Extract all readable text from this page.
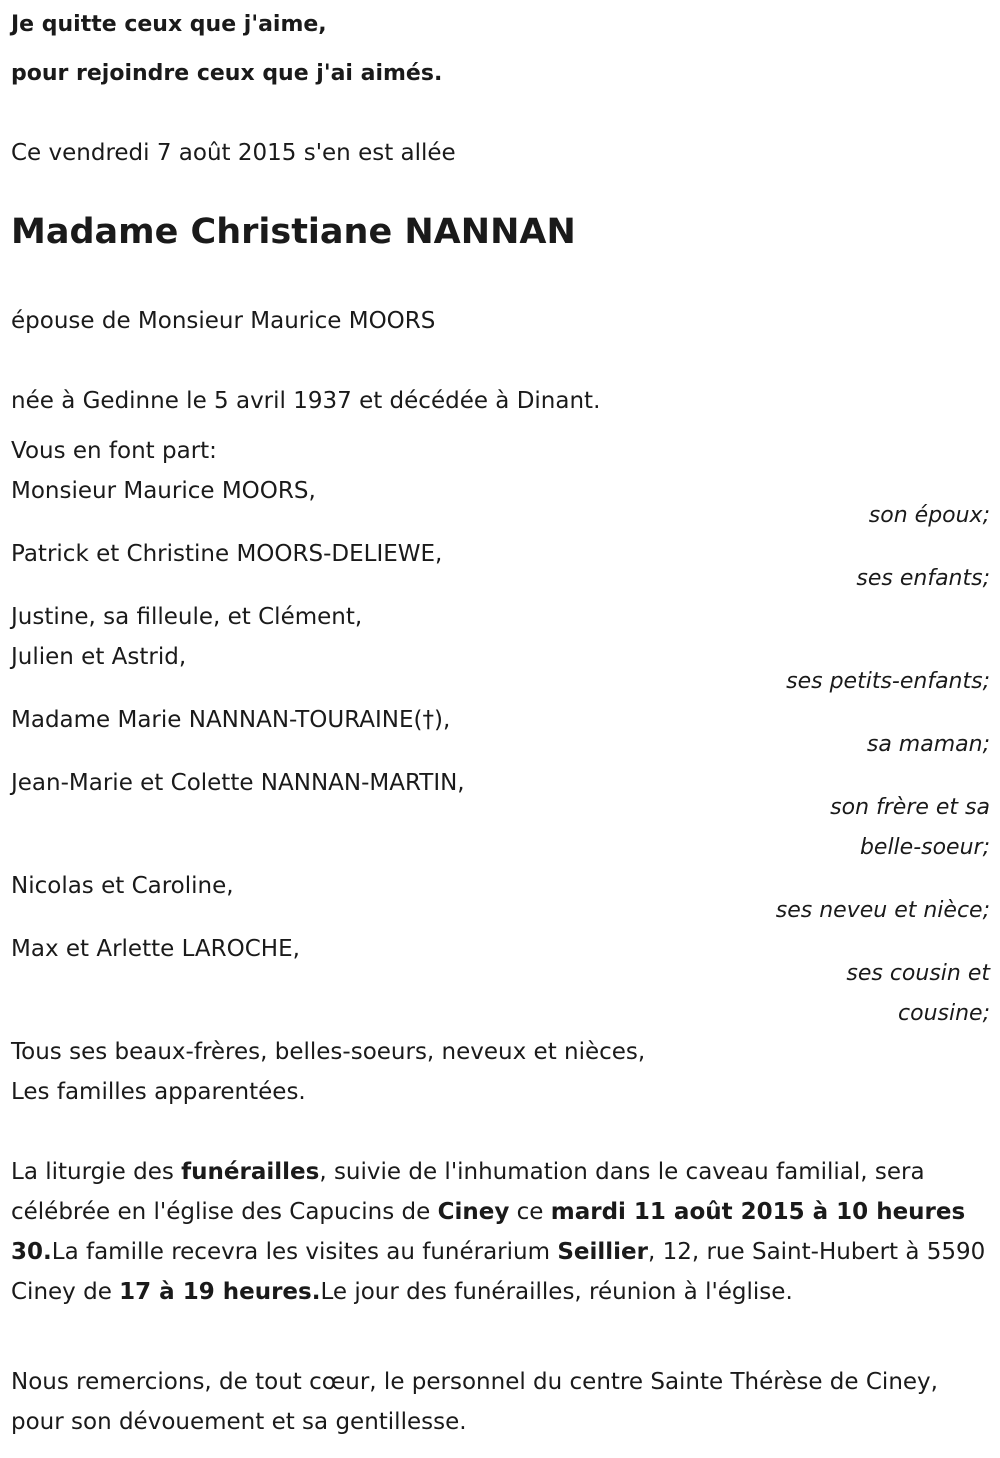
Je quitte ceux que j'aime,

pour rejoindre ceux que j'ai aimés.

Ce vendredi 7 août 2015 s'en est allée

Madame Christiane NANNAN

épouse de Monsieur Maurice MOORS

née à Gedinne le 5 avril 1937 et décédée à Dinant.

Vous en font part:

Monsieur Maurice MOORS,

son époux;

Patrick et Christine MOORS-DELIEWE,

ses enfants;

Justine, sa filleule, et Clément,

Julien et Astrid,

ses petits-enfants;

Madame Marie NANNAN-TOURAINE(†),

sa maman;

Jean-Marie et Colette NANNAN-MARTIN,

son frère et sa

belle-soeur;

Nicolas et Caroline,

ses neveu et nièce;

Max et Arlette LAROCHE,

ses cousin et

cousine;

Tous ses beaux-frères, belles-soeurs, neveux et nièces,

Les familles apparentées.

La liturgie des funérailles, suivie de l'inhumation dans le caveau familial, sera célébrée en l'église des Capucins de Ciney ce mardi 11 août 2015 à 10 heures 30.La famille recevra les visites au funérarium Seillier, 12, rue Saint-Hubert à 5590 Ciney de 17 à 19 heures.Le jour des funérailles, réunion à l'église.

Nous remercions, de tout cœur, le personnel du centre Sainte Thérèse de Ciney, pour son dévouement et sa gentillesse.
